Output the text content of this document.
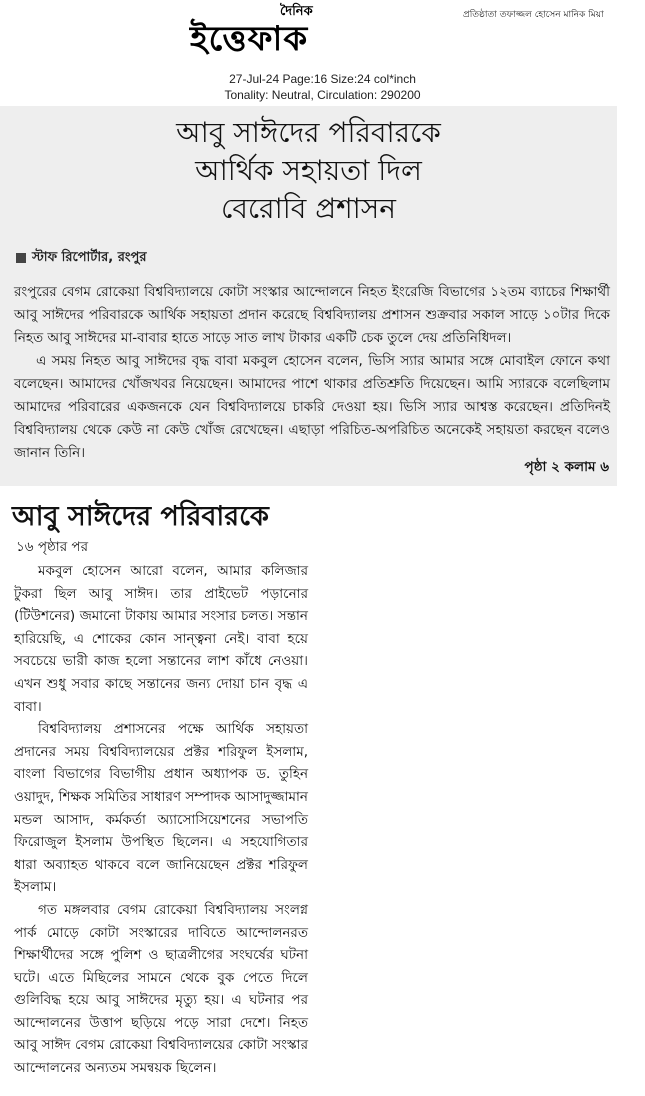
দৈনিক
ইত্তেফাক
প্রতিষ্ঠাতা তফাজ্জল হোসেন মানিক মিয়া
27-Jul-24 Page:16 Size:24 col*inch
Tonality: Neutral, Circulation: 290200
আবু সাঈদের পরিবারকে
আর্থিক সহায়তা দিল
বেরোবি প্রশাসন
স্টাফ রিপোর্টার, রংপুর

রংপুরের বেগম রোকেয়া বিশ্ববিদ্যালয়ে কোটা সংস্কার আন্দোলনে নিহত ইংরেজি বিভাগের ১২তম ব্যাচের শিক্ষার্থী আবু সাঈদের পরিবারকে আর্থিক সহায়তা প্রদান করেছে বিশ্ববিদ্যালয় প্রশাসন শুক্রবার সকাল সাড়ে ১০টার দিকে নিহত আবু সাঈদের মা-বাবার হাতে সাড়ে সাত লাখ টাকার একটি চেক তুলে দেয় প্রতিনিধিদল।

এ সময় নিহত আবু সাঈদের বৃদ্ধ বাবা মকবুল হোসেন বলেন, ভিসি স্যার আমার সঙ্গে মোবাইল ফোনে কথা বলেছেন। আমাদের খোঁজখবর নিয়েছেন। আমাদের পাশে থাকার প্রতিশ্রুতি দিয়েছেন। আমি স্যারকে বলেছিলাম আমাদের পরিবারের একজনকে যেন বিশ্ববিদ্যালয়ে চাকরি দেওয়া হয়। ভিসি স্যার আশ্বস্ত করেছেন। প্রতিদিনই বিশ্ববিদ্যালয় থেকে কেউ না কেউ খোঁজ রেখেছেন। এছাড়া পরিচিত-অপরিচিত অনেকেই সহায়তা করছেন বলেও জানান তিনি।

পৃষ্ঠা ২ কলাম ৬
আবু সাঈদের পরিবারকে
১৬ পৃষ্ঠার পর

মকবুল হোসেন আরো বলেন, আমার কলিজার টুকরা ছিল আবু সাঈদ। তার প্রাইভেট পড়ানোর (টিউশনের) জমানো টাকায় আমার সংসার চলত। সন্তান হারিয়েছি, এ শোকের কোন সান্ত্বনা নেই। বাবা হয়ে সবচেয়ে ভারী কাজ হলো সন্তানের লাশ কাঁধে নেওয়া। এখন শুধু সবার কাছে সন্তানের জন্য দোয়া চান বৃদ্ধ এ বাবা।

বিশ্ববিদ্যালয় প্রশাসনের পক্ষে আর্থিক সহায়তা প্রদানের সময় বিশ্ববিদ্যালয়ের প্রক্টর শরিফুল ইসলাম, বাংলা বিভাগের বিভাগীয় প্রধান অধ্যাপক ড. তুহিন ওয়াদুদ, শিক্ষক সমিতির সাধারণ সম্পাদক আসাদুজ্জামান মন্ডল আসাদ, কর্মকর্তা অ্যাসোসিয়েশনের সভাপতি ফিরোজুল ইসলাম উপস্থিত ছিলেন। এ সহযোগিতার ধারা অব্যাহত থাকবে বলে জানিয়েছেন প্রক্টর শরিফুল ইসলাম।

গত মঙ্গলবার বেগম রোকেয়া বিশ্ববিদ্যালয় সংলগ্ন পার্ক মোড়ে কোটা সংস্কারের দাবিতে আন্দোলনরত শিক্ষার্থীদের সঙ্গে পুলিশ ও ছাত্রলীগের সংঘর্ষের ঘটনা ঘটে। এতে মিছিলের সামনে থেকে বুক পেতে দিলে গুলিবিদ্ধ হয়ে আবু সাঈদের মৃত্যু হয়। এ ঘটনার পর আন্দোলনের উত্তাপ ছড়িয়ে পড়ে সারা দেশে। নিহত আবু সাঈদ বেগম রোকেয়া বিশ্ববিদ্যালয়ের কোটা সংস্কার আন্দোলনের অন্যতম সমন্বয়ক ছিলেন।
